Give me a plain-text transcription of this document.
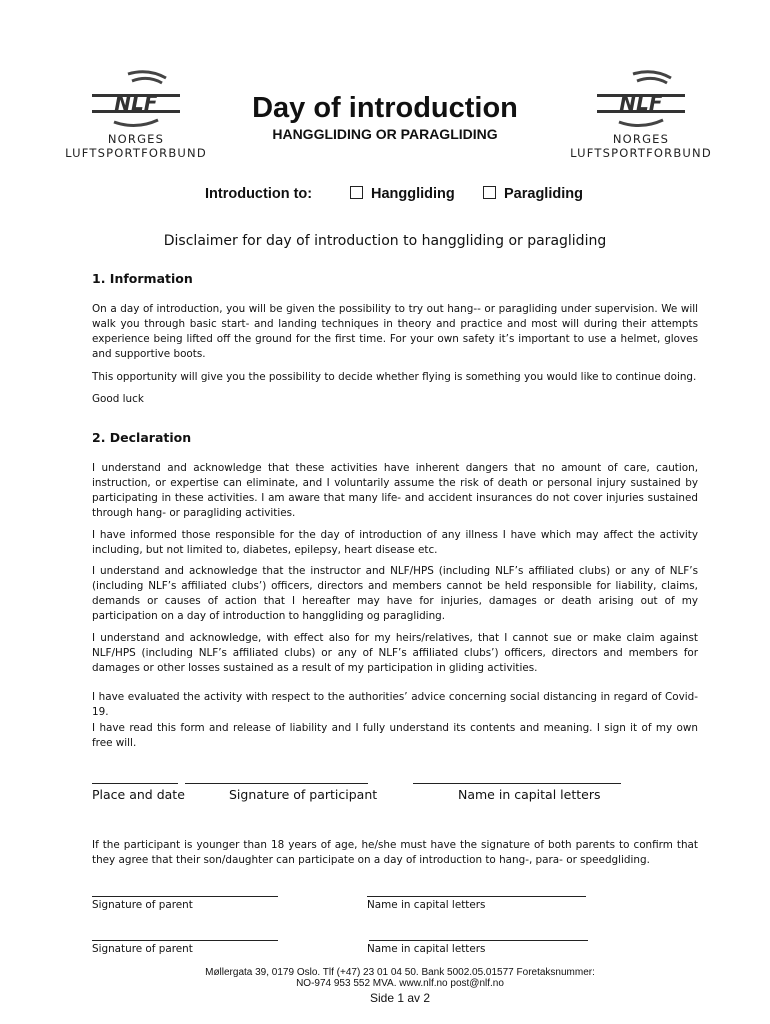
NLF
NORGES
LUFTSPORTFORBUND
NLF
NORGES
LUFTSPORTFORBUND
Day of introduction
HANGGLIDING OR PARAGLIDING
Introduction to:	Hanggliding	Paragliding
Disclaimer for day of introduction to hanggliding or paragliding
1. Information
On a day of introduction, you will be given the possibility to try out hang-- or paragliding under supervision. We will walk you through basic start- and landing techniques in theory and practice and most will during their attempts experience being lifted off the ground for the first time. For your own safety it’s important to use a helmet, gloves and supportive boots.
This opportunity will give you the possibility to decide whether flying is something you would like to continue doing.
Good luck
2. Declaration
I understand and acknowledge that these activities have inherent dangers that no amount of care, caution, instruction, or expertise can eliminate, and I voluntarily assume the risk of death or personal injury sustained by participating in these activities. I am aware that many life- and accident insurances do not cover injuries sustained through hang- or paragliding activities.
I have informed those responsible for the day of introduction of any illness I have which may affect the activity including, but not limited to, diabetes, epilepsy, heart disease etc.
I understand and acknowledge that the instructor and NLF/HPS (including NLF’s affiliated clubs) or any of NLF’s (including NLF’s affiliated clubs’) officers, directors and members cannot be held responsible for liability, claims, demands or causes of action that I hereafter may have for injuries, damages or death arising out of my participation on a day of introduction to hanggliding og paragliding.
I understand and acknowledge, with effect also for my heirs/relatives, that I cannot sue or make claim against NLF/HPS (including NLF’s affiliated clubs) or any of NLF’s affiliated clubs’) officers, directors and members for damages or other losses sustained as a result of my participation in gliding activities.
I have evaluated the activity with respect to the authorities’ advice concerning social distancing in regard of Covid-19.
I have read this form and release of liability and I fully understand its contents and meaning. I sign it of my own free will.
Place and date	Signature of participant	Name in capital letters
If the participant is younger than 18 years of age, he/she must have the signature of both parents to confirm that they agree that their son/daughter can participate on a day of introduction to hang-, para- or speedgliding.
Signature of parent	Name in capital letters
Signature of parent	Name in capital letters
Møllergata 39, 0179 Oslo. Tlf (+47) 23 01 04 50. Bank 5002.05.01577 Foretaksnummer:
NO-974 953 552 MVA. www.nlf.no post@nlf.no
Side 1 av 2
